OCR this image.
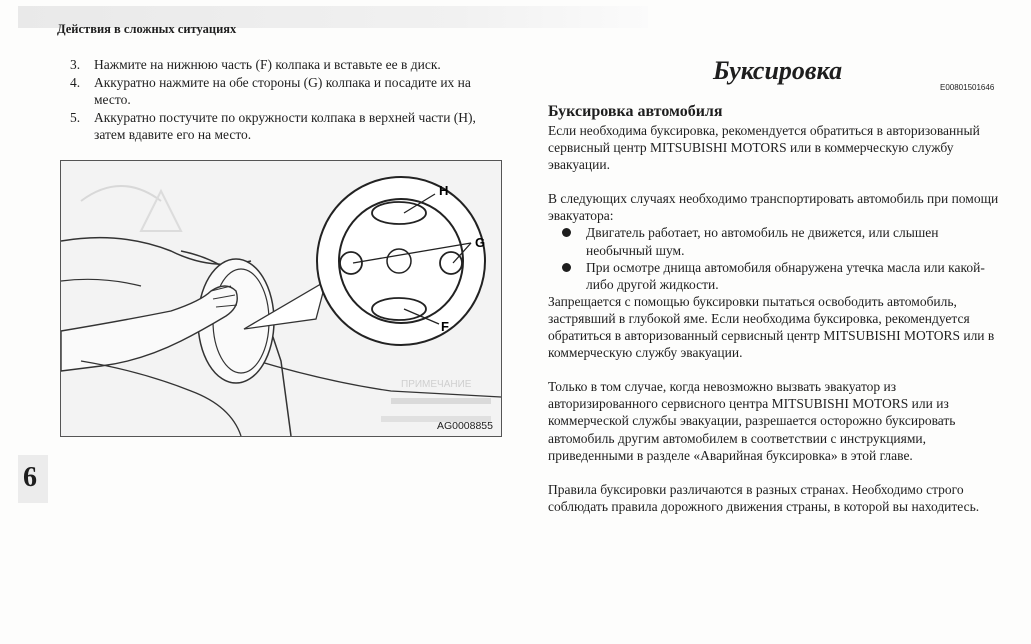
Действия в сложных ситуациях
3.	Нажмите на нижнюю часть (F) колпака и вставьте ее в диск.
4.	Аккуратно нажмите на обе стороны (G) колпака и посадите их на место.
5.	Аккуратно постучите по окружности колпака в верхней части (H), затем вдавите его на место.
ПРИМЕЧАНИЕ
H
G
F
AG0008855
6
Буксировка
E00801501646
Буксировка автомобиля

Если необходима буксировка, рекомендуется обратиться в авторизованный сервисный центр MITSUBISHI MOTORS или в коммерческую службу эвакуации.

В следующих случаях необходимо транспортировать автомобиль при помощи эвакуатора:

Двигатель работает, но автомобиль не движется, или слышен необычный шум.
При осмотре днища автомобиля обнаружена утечка масла или какой-либо другой жидкости.

Запрещается с помощью буксировки пытаться освободить автомобиль, застрявший в глубокой яме. Если необходима буксировка, рекомендуется обратиться в авторизованный сервисный центр MITSUBISHI MOTORS или в коммерческую службу эвакуации.

Только в том случае, когда невозможно вызвать эвакуатор из авторизированного сервисного центра MITSUBISHI MOTORS или из коммерческой службы эвакуации, разрешается осторожно буксировать автомобиль другим автомобилем в соответствии с инструкциями, приведенными в разделе «Аварийная буксировка» в этой главе.

Правила буксировки различаются в разных странах. Необходимо строго соблюдать правила дорожного движения страны, в которой вы находитесь.
